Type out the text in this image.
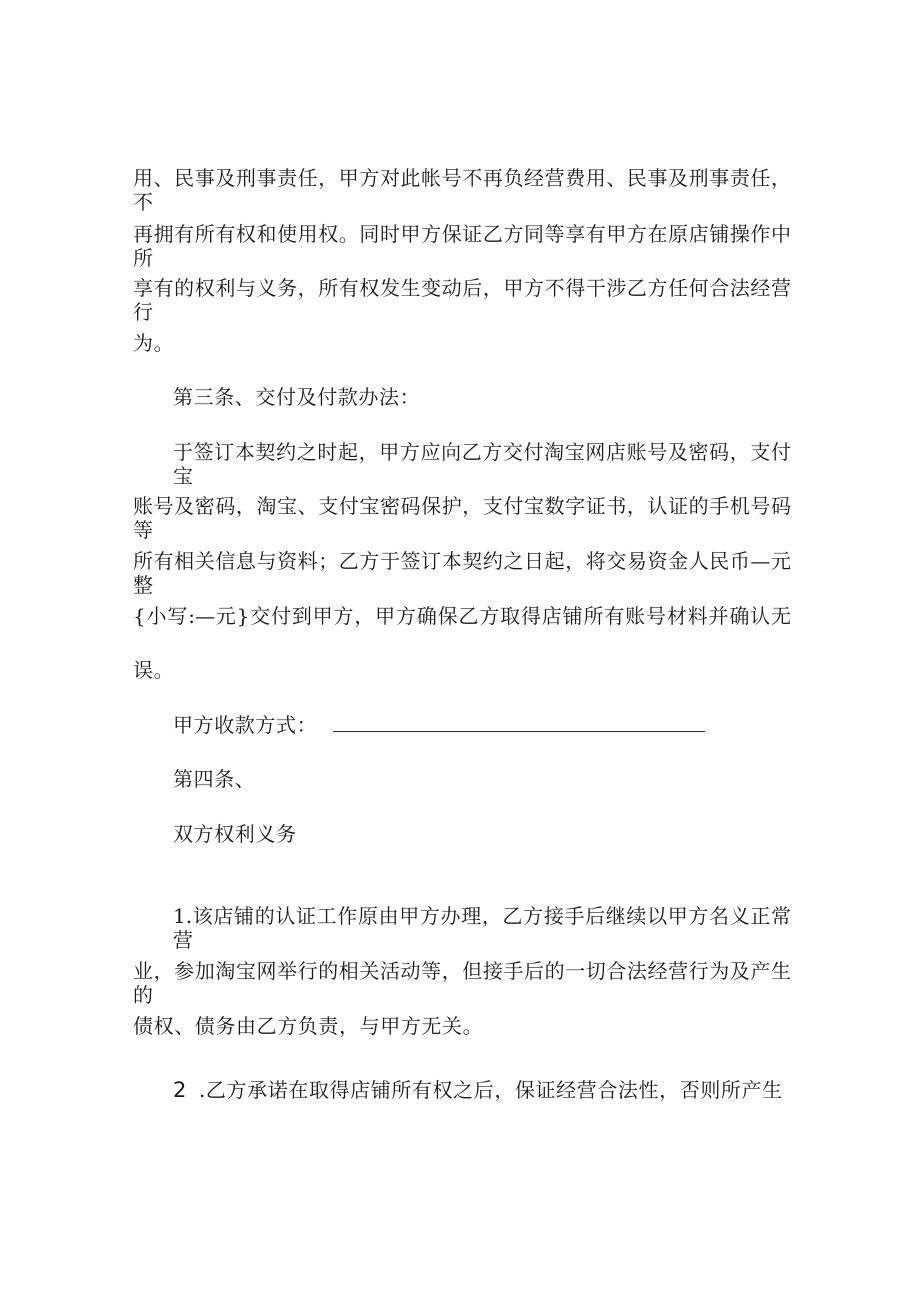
用、民事及刑事责任，甲方对此帐号不再负经营费用、民事及刑事责任，不
再拥有所有权和使用权。同时甲方保证乙方同等享有甲方在原店铺操作中所
享有的权利与义务，所有权发生变动后，甲方不得干涉乙方任何合法经营行
为。
第三条、交付及付款办法：
于签订本契约之时起，甲方应向乙方交付淘宝网店账号及密码，支付宝
账号及密码，淘宝、支付宝密码保护，支付宝数字证书，认证的手机号码等
所有相关信息与资料；乙方于签订本契约之日起，将交易资金人民币—元整
{小写:—元}交付到甲方，甲方确保乙方取得店铺所有账号材料并确认无
误。
甲方收款方式：
第四条、
双方权利义务
1.该店铺的认证工作原由甲方办理，乙方接手后继续以甲方名义正常营
业，参加淘宝网举行的相关活动等，但接手后的一切合法经营行为及产生的
债权、债务由乙方负责，与甲方无关。
2 .乙方承诺在取得店铺所有权之后，保证经营合法性，否则所产生
